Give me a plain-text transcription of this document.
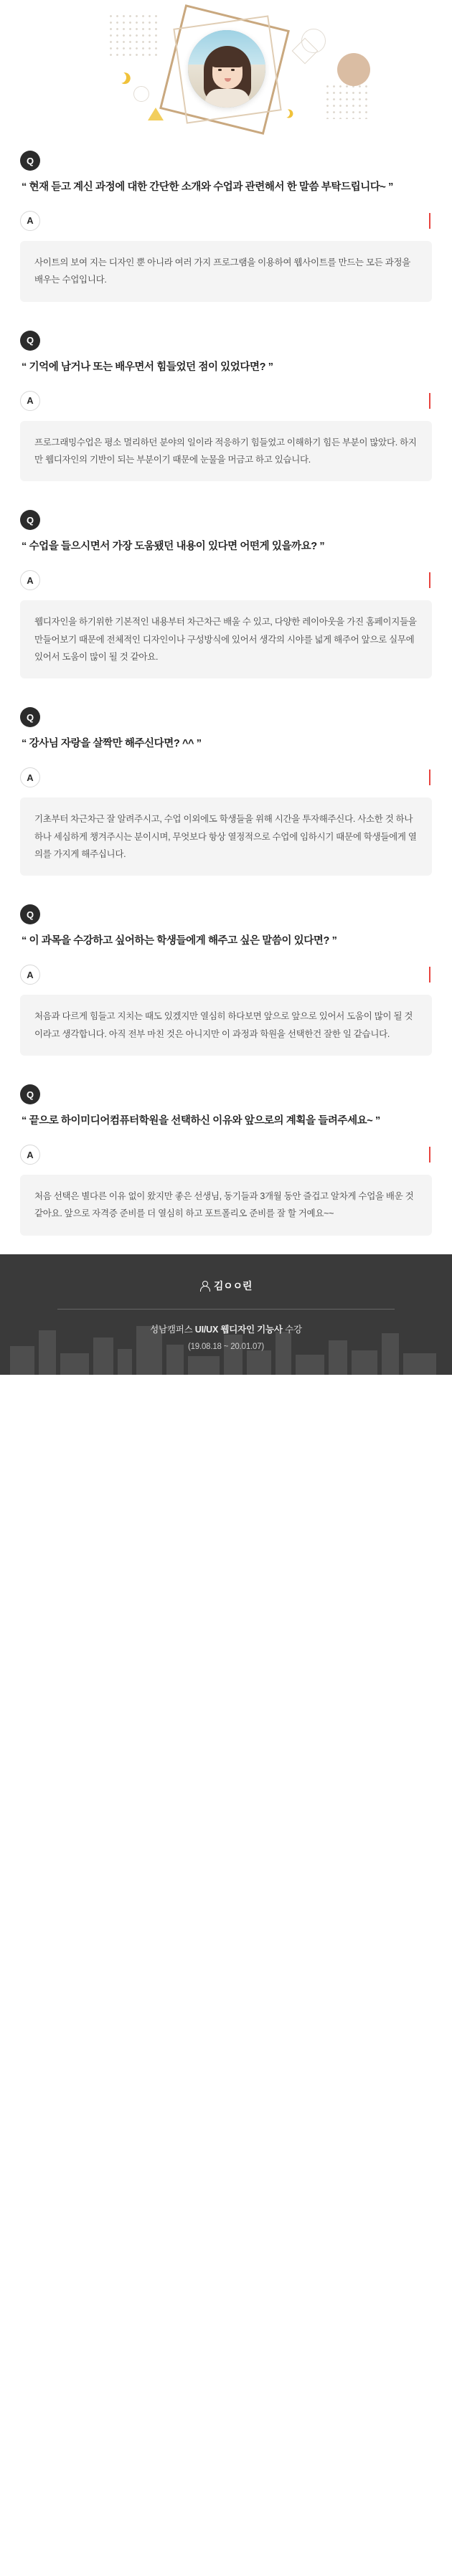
Q
“ 현재 듣고 계신 과정에 대한 간단한 소개와 수업과 관련해서 한 말씀 부탁드립니다~ ”
A
사이트의 보여 지는 디자인 뿐 아니라 여러 가지 프로그램을 이용하여 웹사이트를 만드는 모든 과정을 배우는 수업입니다.
Q
“ 기억에 남거나 또는 배우면서 힘들었던 점이 있었다면? ”
A
프로그래밍수업은 평소 멀리하던 분야의 일이라 적응하기 힘들었고 이해하기 힘든 부분이 많았다. 하지만 웹디자인의 기반이 되는 부분이기 때문에 눈물을 머금고 하고 있습니다.
Q
“ 수업을 들으시면서 가장 도움됐던 내용이 있다면 어떤게 있을까요? ”
A
웹디자인을 하기위한 기본적인 내용부터 차근차근 배울 수 있고, 다양한 레이아웃을 가진 홈페이지들을 만들어보기 때문에 전체적인 디자인이나 구성방식에 있어서 생각의 시야를 넓게 해주어 앞으로 실무에 있어서 도움이 많이 될 것 같아요.
Q
“ 강사님 자랑을 살짝만 해주신다면? ^^ ”
A
기초부터 차근차근 잘 알려주시고, 수업 이외에도 학생들을 위해 시간을 투자해주신다. 사소한 것 하나하나 세심하게 챙겨주시는 분이시며, 무엇보다 항상 열정적으로 수업에 임하시기 때문에 학생들에게 열의를 가지게 해주십니다.
Q
“ 이 과목을 수강하고 싶어하는 학생들에게 해주고 싶은 말씀이 있다면? ”
A
처음과 다르게 힘들고 지치는 때도 있겠지만 열심히 하다보면 앞으로 앞으로 있어서 도움이 많이 될 것이라고 생각합니다. 아직 전부 마친 것은 아니지만 이 과정과 학원을 선택한건 잘한 일 같습니다.
Q
“ 끝으로 하이미디어컴퓨터학원을 선택하신 이유와 앞으로의 계획을 들려주세요~ ”
A
처음 선택은 별다른 이유 없이 왔지만 좋은 선생님, 동기들과 3개월 동안 즐겁고 알차게 수업을 배운 것 같아요. 앞으로 자격증 준비를 더 열심히 하고 포트폴리오 준비를 잘 할 거예요~~
김ㅇㅇ린
성남캠퍼스 UI/UX 웹디자인 기능사 수강
(19.08.18 ~ 20.01.07)
